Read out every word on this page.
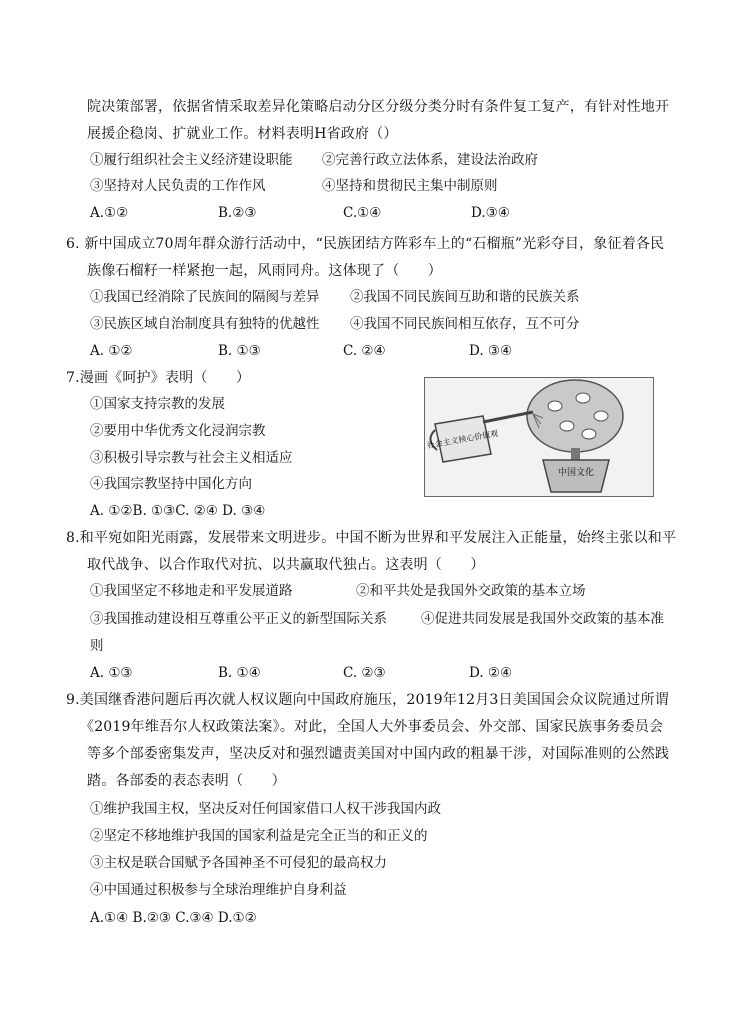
院决策部署，依据省情采取差异化策略启动分区分级分类分时有条件复工复产，有针对性地开
展援企稳岗、扩就业工作。材料表明H省政府（）
①履行组织社会主义经济建设职能 ②完善行政立法体系，建设法治政府
③坚持对人民负责的工作作风	④坚持和贯彻民主集中制原则
A.①②	B.②③	C.①④	D.③④
6. 新中国成立70周年群众游行活动中，“民族团结方阵彩车上的“石榴瓶”光彩夺目，象征着各民
族像石榴籽一样紧抱一起，风雨同舟。这体现了（　　）
①我国已经消除了民族间的隔阂与差异 ②我国不同民族间互助和谐的民族关系
③民族区域自治制度具有独特的优越性 ④我国不同民族间相互依存，互不可分
A. ①②	B. ①③	C. ②④	D. ③④
7.漫画《呵护》表明（　　）
①国家支持宗教的发展
②要用中华优秀文化浸润宗教
③积极引导宗教与社会主义相适应
④我国宗教坚持中国化方向
A. ①②B. ①③C. ②④ D. ③④
中国文化
社会主义核心价值观
8.和平宛如阳光雨露，发展带来文明进步。中国不断为世界和平发展注入正能量，始终主张以和平
取代战争、以合作取代对抗、以共赢取代独占。这表明（　　）
①我国坚定不移地走和平发展道路	②和平共处是我国外交政策的基本立场
③我国推动建设相互尊重公平正义的新型国际关系	④促进共同发展是我国外交政策的基本准
则
A. ①③	B. ①④	C. ②③	D. ②④
9.美国继香港问题后再次就人权议题向中国政府施压，2019年12月3日美国国会众议院通过所谓
《2019年维吾尔人权政策法案》。对此，全国人大外事委员会、外交部、国家民族事务委员会
等多个部委密集发声，坚决反对和强烈谴责美国对中国内政的粗暴干涉，对国际准则的公然践
踏。各部委的表态表明（　　）
①维护我国主权，坚决反对任何国家借口人权干涉我国内政
②坚定不移地维护我国的国家利益是完全正当的和正义的
③主权是联合国赋予各国神圣不可侵犯的最高权力
④中国通过积极参与全球治理维护自身利益
A.①④ B.②③ C.③④ D.①②
